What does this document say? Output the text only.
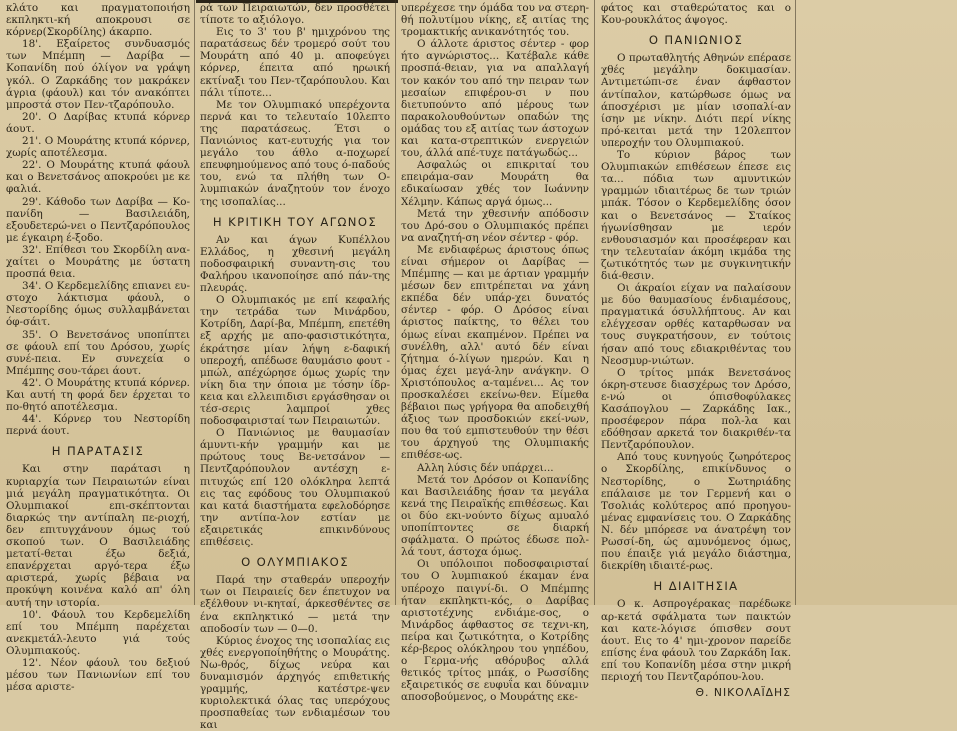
κλάτο και πραγματοποιήση εκπληκτι-κή αποκρουσι σε κόρνερ(Σκορδίλης) άκαρπο.

18'. Εξαίρετος συνδυασμός των Μπέμπη — Δαρίβα — Κοπανίδη πού όλίγον να γράψη γκόλ. Ο Ζαρκάδης τον μακράκεν άγρια (φάουλ) και τόν ανακόπτει μπροστά στον Πεν-τζαρόπουλο.

20'. Ο Δαρίβας κτυπά κόρνερ άουτ.

21'. Ο Μουράτης κτυπά κόρνερ, χωρίς αποτέλεσμα.

22'. Ο Μουράτης κτυπά φάουλ και ο Βενετσάνος αποκρούει με κε φαλιά.

29'. Κάθοδο των Δαρίβα — Κο-πανίδη — Βασιλειάδη, εξουδετερώ-νει ο Πεντζαρόπουλος με έγκαιρη έ-ξοδο.

32'. Επίθεσι του Σκορδίλη ανα-χαίτει ο Μουράτης με ύστατη προσπά θεια.

34'. Ο Κερδεμελίδης επιανει ευ-στοχο λάκτισμα φάουλ, ο Νεστορίδης όμως συλλαμβάνεται όφ-σάιτ.

35'. Ο Βενετσάνος υποπίπτει σε φάουλ επί του Δρόσου, χωρίς συνέ-πεια. Εν συνεχεία ο Μπέμπης σου-τάρει άουτ.

42'. Ο Μουράτης κτυπά κόρνερ. Και αυτή τη φορά δεν έρχεται το πο-θητό αποτέλεσμα.

44'. Κόρνερ του Νεστορίδη περνά άουτ.

Η ΠΑΡΑΤΑΣΙΣ

Και στην παράτασι η κυριαρχία των Πειραιωτών είναι μιά μεγάλη πραγματικότητα. Οι Ολυμπιακοί επι-σκέπτονται διαρκώς την αντίπαλη πε-ριοχή, δεν επιτυγχάνουν όμως τού σκοπού των. Ο Βασιλειάδης μετατί-θεται έξω δεξιά, επανέρχεται αργό-τερα έξω αριστερά, χωρίς βέβαια να προκύψη κοινένα καλό απ' όλη αυτή την ιστορία.

10'. Φάουλ του Κερδεμελίδη επί του Μπέμπη παρέχεται ανεκμετάλ-λευτο γιά τούς Ολυμπιακούς.

12'. Νέον φάουλ του δεξιού μέσου των Πανιωνίων επί του μέσα αριστε-

ρά των Πειραιωτών, δεν προσθέτει τίποτε το αξιόλογο.

Εις το 3' του β' ημιχρόνου της παρατάσεως δέν τρομερό σούτ του Μουράτη από 40 μ. αποφεύγει κόρνερ, έπειτα από ηρωική εκτίναξι του Πεν-τζαρόπουλου. Και πάλι τίποτε...

Με τον Ολυμπιακό υπερέχοντα περνά και το τελευταίο 10λεπτο της παρατάσεως. Έτσι ο Πανιώνιος κατ-ευτυχής για τον μεγάλο του άθλο α-ποχωρεί επευφημούμενος από τους ό-παδούς του, ενώ τα πλήθη των Ο-λυμπιακών άναζητούν τον ένοχο της ισοπαλίας...

Η ΚΡΙΤΙΚΗ ΤΟΥ ΑΓΩΝΟΣ

Αν και άγων Κυπέλλου Ελλάδος, η χθεσινή μεγάλη ποδοσφαιρική συναντη-σις του Φαλήρου ικανοποίησε από πάν-της πλευράς.

Ο Ολυμπιακός με επί κεφαλής την τετράδα των Μινάρδου, Κοτρίδη, Δαρί-βα, Μπέμπη, επετέθη εξ αρχής με απο-φασιστικότητα, έκράτησε μίαν λήψη ε-δαφική υπεροχή, απέδωσε θαυμάσιο φουτ - μπώλ, απέχώρησε όμως χωρίς την νίκη δια την όποια με τόσην ίδρ-κεια και ελλειπιδισι εργάσθησαν οι τέσ-σερις λαμπροί χθες ποδοσφαιρισταί των Πειραιωτών.

Ο Πανιώνιος με θαυμασίαν άμυντι-κήν γραμμήν και με πρώτους τους Βε-νετσάνον — Πεντζαρόπουλον αντέσχη ε-πιτυχώς επί 120 ολόκληρα λεπτά εις τας εφόδους του Ολυμπιακού και κατά διαστήματα εφελοδόρησε την αντίπα-λον εστίαν με εξαιρετικάς επικινδύνους επιθέσεις.

Ο ΟΛΥΜΠΙΑΚΟΣ

Παρά την σταθεράν υπεροχήν των οι Πειραιείς δεν έπετυχον να εξέλθουν νι-κηταί, άρκεσθέντες σε ένα εκπληκτικό — μετά την αποδοσίν των — 0—0.

Κύριος ένοχος της ισοπαλίας εις χθές ενεργοποίηθήτης ο Μουράτης. Νω-θρός, δίχως νεύρα και δυναμισμόν άρχηγός επιθετικής γραμμής, κατέστρε-ψεν κυριολεκτικά όλας τας υπερόχους προσπαθείας των ενδιαμέσων του και

υπερέχεσε την όμάδα του να στερη-θή πολυτίμου νίκης, εξ αιτίας της τρομακτικής ανικανότητός του.

Ο άλλοτε άριστος σέντερ - φορ ήτο αγνώριστος... Κατέβαλε κάθε προσπά-θειαν, για να απαλλαγή τον κακόν του από την πειραν των μεσαίων επιφέρου-σι ν που διετυπούντο από μέρους των παρακολουθούντων οπαδών της ομάδας του εξ αιτίας των άστοχων και κατα-στρεπτικών ενεργειών του, άλλά απέ-τυχε πατάγωδώς...

Ασφαλώς οι επικριταί του επειράμα-σαν Μουράτη θα εδικαίωσαν χθές τον Ιωάννην Χέλμην. Κάπως αργά όμως...

Μετά την χθεσινήν απόδοσιν του Δρό-σου ο Ολυμπιακός πρέπει να αναζητή-ση νέον σέντερ - φόρ.

Με ενδιαφέρως άριστους όπως είναι σήμερον οι Δαρίβας — Μπέμπης — και με άρτιαν γραμμήν μέσων δεν επιτρέπεται να χάνη εκπέδα δέν υπάρ-χει δυνατός σέντερ - φόρ. Ο Δρόσος είναι άριστος παίκτης, το θέλει του όμως είναι εκαπμένον. Πρέπει να συνέλθη, αλλ' αυτό δέν είναι ζήτημα ό-λίγων ημερών. Και η όμας έχει μεγά-λην ανάγκην. Ο Χριστόπουλος α-ταμένει... Ας τον προσκαλέσει εκείνω-θεν. Είμεθα βέβαιοι πως γρήγορα θα αποδειχθή άξιος των προσδοκιών εκεί-νων, που θα τού εμπιστευθούν την θέσι του άρχηγού της Ολυμπιακής επιθέσε-ως.

Αλλη λύσις δέν υπάρχει...

Μετά τον Δρόσον οι Κοπανίδης και Βασιλειάδης ήσαν τα μεγάλα κενά της Πειραϊκής επιθέσεως. Και οι δύο εκι-νούντο δίχως αμυαλό υποπίπτοντες σε διαρκή σφάλματα. Ο πρώτος έδωσε πολ-λά τουτ, άστοχα όμως.

Οι υπόλοιποι ποδοσφαιρισταί του Ο λυμπιακού έκαμαν ένα υπέροχο παιγνί-δι. Ο Μπέμπης ήταν εκπληκτι-κός, ο Δαρίβας αριστοτέχνης ενδιάμε-σος, ο Μινάρδος άφθαστος σε τεχνι-κη, πείρα και ζωτικότητα, ο Κοτρίδης κέρ-βερος ολόκληρου του γηπέδου, ο Γερμα-νής αθόρυβος αλλά θετικός τρίτος μπάκ, ο Ρωσσίδης εξαιρετικός σε ευφυΐα και δύναμιν αποσοβούμενος, ο Μουράτης εκε-

φάτος και σταθερώτατος και ο Κου-ρουκλάτος άψογος.

Ο ΠΑΝΙΩΝΙΟΣ

Ο πρωταθλητής Αθηνών επέρασε χθές μεγάλην δοκιμασίαν. Αντιμετώπι-σε έναν άφθαστον άντίπαλον, κατώρθωσε όμως να άποσχέρισι με μίαν ισοπαλί-αν ίσην με νίκην. Διότι περί νίκης πρό-κειται μετά την 120λεπτον υπεροχήν του Ολυμπιακού.

Το κύριον βάρος των Ολυμπιακών επιθέσεων έπεσε εις τα... πόδια των αμυντικών γραμμών ιδιαιτέρως δε των τριών μπάκ. Τόσον ο Κερδεμελίδης όσον και ο Βενετσάνος — Σταίκος ήγωνίσθησαν με ιερόν ενθουσιασμόν και προσέφεραν και την τελευταίαν άκόμη ικμάδα της ζωτικότητός των με συγκινητικήν διά-θεσιν.

Οι άκραίοι είχαν να παλαίσουν με δύο θαυμασίους ένδιαμέσους, πραγματικά όσυλλήπτους. Αν και ελέγχεσαν ορθές καταρθωσαν να τους συγκρατήσουν, εν τούτοις ήσαν από τους εδιακριθέντας του Νεοσμυρ-νιώτων.

Ο τρίτος μπάκ Βενετσάνος όκρη-στευσε διασχέρως τον Δρόσο, ε-νώ οι όπισθοφύλακες Κασάπογλου — Ζαρκάδης Ιακ., προσέφερον πάρα πολ-λα και εδόθησαν αρκετά τον διακριθέν-τα Πεντζαρόπουλον.

Από τους κυνηγούς ζωηρότερος ο Σκορδίλης, επικίνδυνος ο Νεστορίδης, ο Σωτηριάδης επάλαισε με τον Γερμενή και ο Τσολιάς κολύτερος από προηγου-μένας εμφανίσεις του. Ο Ζαρκάδης Ν. δέν μπόρεσε να άνατρέψη τον Ρωσσί-δη, ώς αμυνόμενος όμως, που έπαιξε γιά μεγάλο διάστημα, διεκρίθη ιδιαιτέ-ρως.

Η ΔΙΑΙΤΗΣΙΑ

Ο κ. Ασπρογέρακας παρέδωκε αρ-κετά σφάλματα των παικτών και κατε-λόγισε όπισθεν σουτ άουτ. Εις το 4' ημι-χρονον παρείδε επίσης ένα φάουλ του Ζαρκάδη Ιακ. επί του Κοπανίδη μέσα στην μικρή περιοχή του Πεντζαρόπου-λου.

Θ. ΝΙΚΟΛΑΪΔΗΣ
